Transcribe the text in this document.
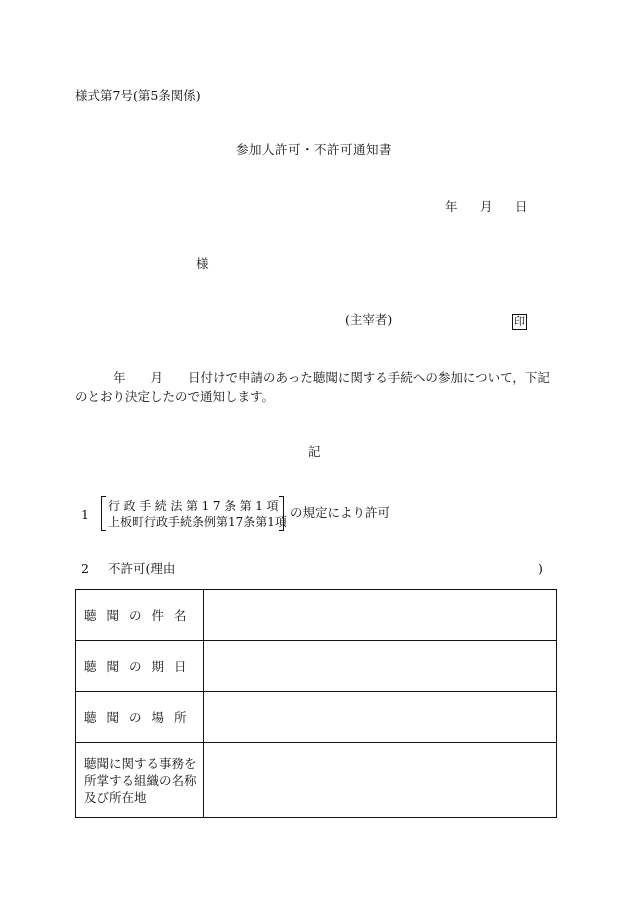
様式第7号(第5条関係)
参加人許可・不許可通知書
年 月 日
様
(主宰者)	印
年　　月　　日付けで申請のあった聴聞に関する手続への参加について，下記のとおり決定したので通知します。
記
1
行政手続法第17条第1項
上板町行政手続条例第17条第1項
の規定により許可
2 不許可(理由	)
聴聞の件名	
聴聞の期日	
聴聞の場所	
聴聞に関する事務を所掌する組織の名称及び所在地	
